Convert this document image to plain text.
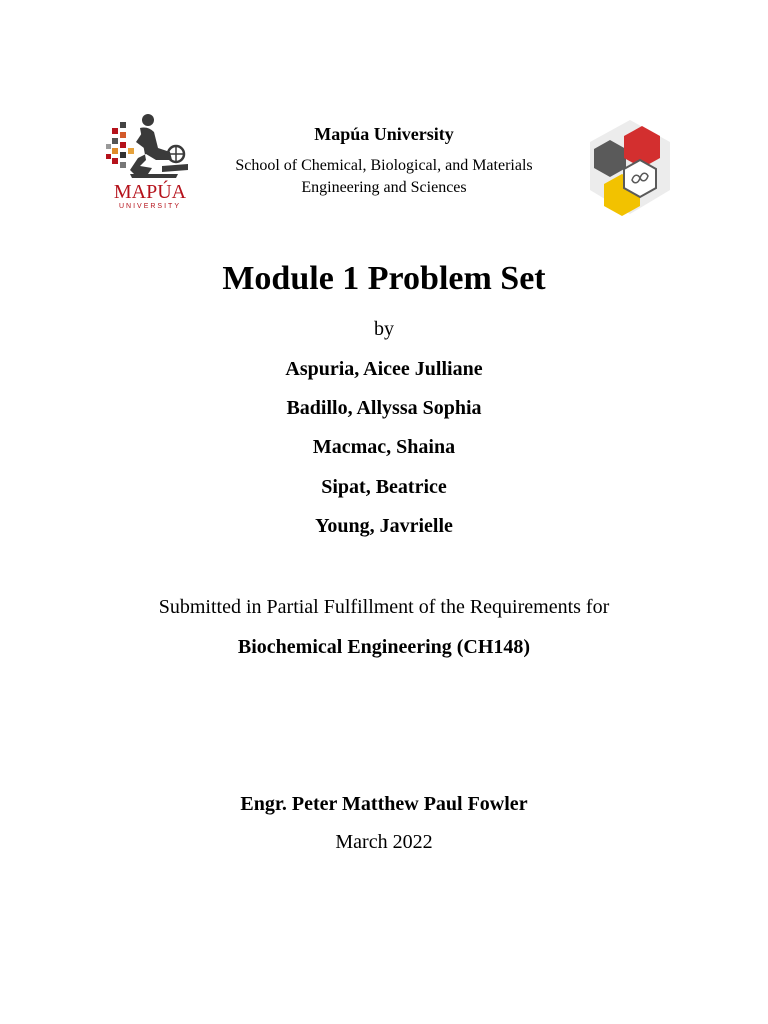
MAPÚA
UNIVERSITY
Mapúa University
School of Chemical, Biological, and Materials
Engineering and Sciences
Module 1 Problem Set
by
Aspuria, Aicee Julliane
Badillo, Allyssa Sophia
Macmac, Shaina
Sipat, Beatrice
Young, Javrielle
Submitted in Partial Fulfillment of the Requirements for
Biochemical Engineering (CH148)
Engr. Peter Matthew Paul Fowler
March 2022
